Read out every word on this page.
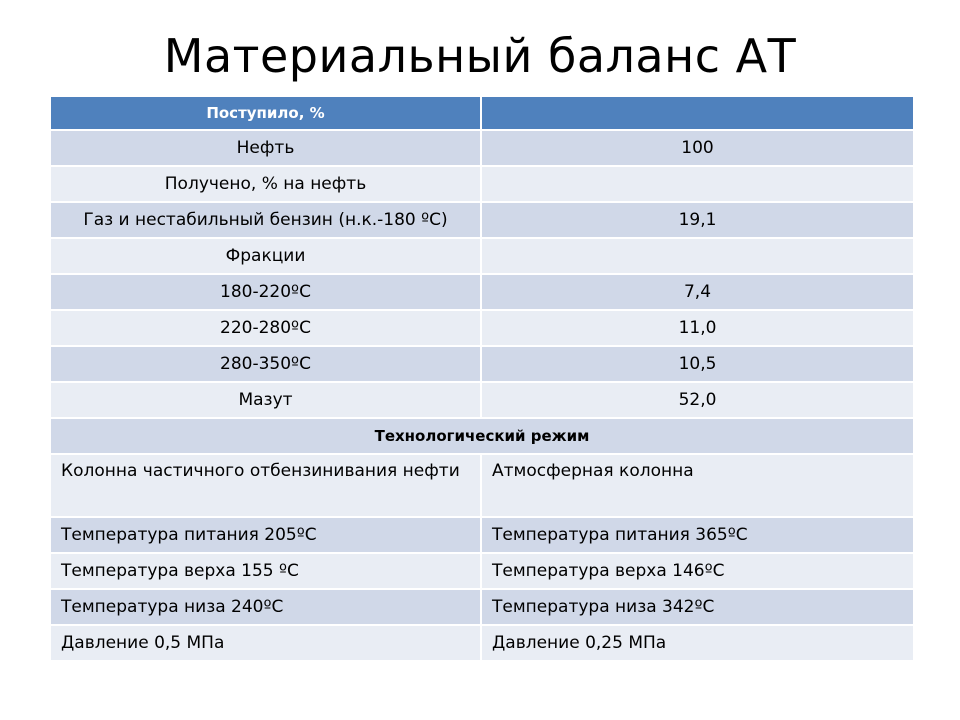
Материальный баланс АТ
Поступило, %	
Нефть	100
Получено, % на нефть	
Газ и нестабильный бензин (н.к.-180 ºС)	19,1
Фракции	
180-220ºС	7,4
220-280ºС	11,0
280-350ºС	10,5
Мазут	52,0
Технологический режим	
Колонна частичного отбензинивания нефти	Атмосферная колонна
Температура питания 205ºС	Температура питания 365ºС
Температура верха 155 ºС	Температура верха 146ºС
Температура низа 240ºС	Температура низа 342ºС
Давление 0,5 МПа	Давление 0,25 МПа
